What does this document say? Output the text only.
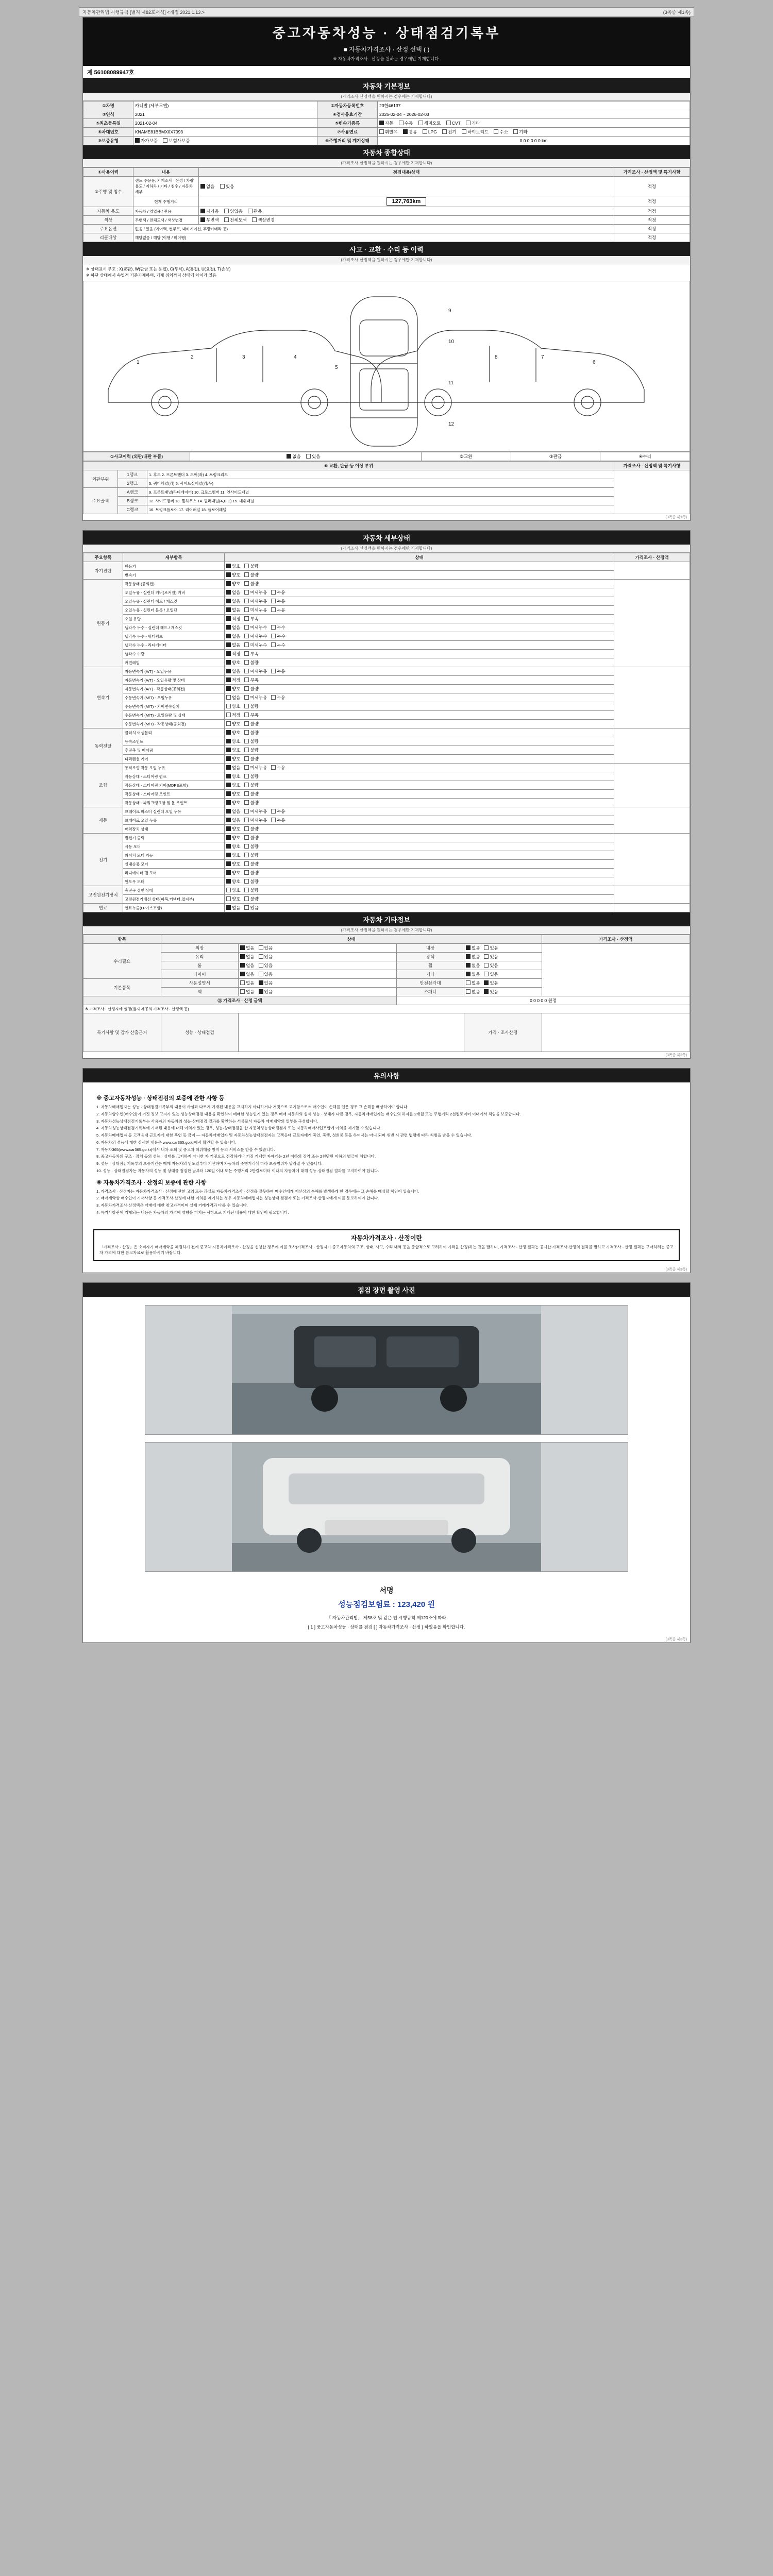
자동차관리법 시행규칙 [별지 제82호서식] <개정 2021.1.13.>	(3쪽중 제1쪽)
중고자동차성능 · 상태점검기록부
■ 자동차가격조사 · 산정 선택 ( )
※ 자동차가격조사 · 산정을 원하는 경우에만 기재합니다.
제 56108089947호
자동차 기본정보
(가격조사·산정액을 원하시는 경우에는 기재합니다)
①차명	카니발 (세부모델)	②자동차등록번호	23한46137
③연식	2021	④검사유효기간	2025-02-04 ~ 2026-02-03
⑤최초등록일	2021-02-04	⑤변속기종류	자동 수동 세미오토 CVT 기타
⑥차대번호	KNAME81BBMX0X7093	⑦사용연료	휘발유 경유 LPG 전기 하이브리드 수소 기타
⑨보증유형	자가보증 보험사보증	⑩주행거리 및 계기상태	0 0 0 0 0 0 km
자동차 종합상태
(가격조사·산정액을 원하시는 경우에만 기재합니다)
①사용이력	내용	점검내용/상태	가격조사 · 산정액 및 특기사항
②주행 및 침수	렌트·주유용, 기계조사 · 산정 / 차량용도 / 지하차 / 기타 / 침수 / 자동차 세부	없음 있음	적정
	현재 주행거리	127,763km	적정
자동차 용도	자동차 / 영업용 / 관용	자가용 영업용 관용	적정
색상	무변색 / 전체도색 / 색상변경	무변색 전체도색 색상변경	적정
주요옵션	없음 / 있음 (에어백, 썬루프, 내비게이션, 후방카메라 등)		적정
리콜대상	해당없음 / 해당 (이행 / 미이행)		적정
사고 · 교환 · 수리 등 이력
(가격조사·산정액을 원하시는 경우에만 기재합니다)
※ 상태표시 부호 : X(교환), W(판금 또는 용접), C(부식), A(흠집), U(요철), T(손상)
※ 하단 상태에서 속별적 기준기재하며, 기재 위치까지 상태에 차이가 있음
1
2	3	4
5
9
10
11
12
6
7
8
①사고이력 (외판/내판 부품)	없음	있음	②교환	③판금	④수리
⑤ 교환, 판금 등 이상 부위			가격조사 · 산정액 및 특기사항
외판부위	1랭크	1. 후드 2. 프론트팬더 3. 도어(좌) 4. 트렁크리드	
	2랭크	5. 쿼터패널(좌) 6. 사이드실패널(좌/우)	
주요골격	A랭크	9. 프론트패널(라디에이터) 10. 크로스멤버 11. 인사이드패널	
	B랭크	12. 사이드멤버 13. 휠하우스 14. 필러패널(A,B,C) 15. 대쉬패널	
	C랭크	16. 트렁크플로어 17. 리어패널 18. 플로어패널	
(3쪽중 제1쪽)
자동차 세부상태
(가격조사·산정액을 원하시는 경우에만 기재합니다)
주요항목	세부항목	상태	가격조사 · 산정액
자기진단	원동기	양호 불량	
	변속기	양호 불량	
원동기	작동상태 (공회전)	양호 불량	
	오일누유 - 실린더 커버(로커암) 커버	없음 미세누유 누유	
	오일누유 - 실린더 헤드 / 개스킷	없음 미세누유 누유	
	오일누유 - 실린더 블록 / 오일팬	없음 미세누유 누유	
	오일 유량	적정 부족	
	냉각수 누수 - 실린더 헤드 / 개스킷	없음 미세누수 누수	
	냉각수 누수 - 워터펌프	없음 미세누수 누수	
	냉각수 누수 - 라디에이터	없음 미세누수 누수	
	냉각수 수량	적정 부족	
	커먼레일	양호 불량	
변속기	자동변속기 (A/T) - 오일누유	없음 미세누유 누유	
	자동변속기 (A/T) - 오일유량 및 상태	적정 부족	
	자동변속기 (A/T) - 작동상태(공회전)	양호 불량	
	수동변속기 (M/T) - 오일누유	없음 미세누유 누유	
	수동변속기 (M/T) - 기어변속장치	양호 불량	
	수동변속기 (M/T) - 오일유량 및 상태	적정 부족	
	수동변속기 (M/T) - 작동상태(공회전)	양호 불량	
동력전달	클러치 어셈블리	양호 불량	
	등속조인트	양호 불량	
	추진축 및 베어링	양호 불량	
	디퍼렌셜 기어	양호 불량	
조향	동력조향 작동 오일 누유	없음 미세누유 누유	
	작동상태 - 스티어링 펌프	양호 불량	
	작동상태 - 스티어링 기어(MDPS포함)	양호 불량	
	작동상태 - 스티어링 조인트	양호 불량	
	작동상태 - 파워크랭크암 및 볼 조인트	양호 불량	
제동	브레이크 마스터 실린더 오일 누유	없음 미세누유 누유	
	브레이크 오일 누유	없음 미세누유 누유	
	배력장치 상태	양호 불량	
전기	발전기 출력	양호 불량	
	시동 모터	양호 불량	
	와이퍼 모터 기능	양호 불량	
	실내송풍 모터	양호 불량	
	라디에이터 팬 모터	양호 불량	
	윈도우 모터	양호 불량	
고전원전기장치	충전구 절연 상태	양호 불량	
	고전원전기배선 상태(피복,커넥터,접지부)	양호 불량	
연료	연료누출(LP가스포함)	없음 있음	
자동차 기타정보
(가격조사·산정액을 원하시는 경우에만 기재합니다)
항목	상태				가격조사 · 산정액
수리필요	외장	없음 있음	내장	없음 있음	
	유리	없음 있음	광택	없음 있음	
	룸	없음 있음	휠	없음 있음	
	타이어	없음 있음	기타	없음 있음	
기본품목	사용설명서	없음 있음	안전삼각대	없음 있음	
	잭	없음 있음	스패너	없음 있음	
⑬ 가격조사 · 산정 금액			0 0 0 0 0 원정		
※ 가격조사 · 산정자에 설명(별지 제공의 가격조사 · 산정액 등)					
특기사항 및 감가 산출근거	성능 · 상태점검			가격 · 조사산정	
(3쪽중 제2쪽)
유의사항
※ 중고자동차성능 · 상태점검의 보증에 관한 사항 등

1. 자동차매매업자는 성능 · 상태점검기록부의 내용이 사실과 다르게 기재된 내용을 교지하지 아니하거나 거짓으로 교지함으로써 매수인이 손해를 입은 경우 그 손해를 배상하여야 합니다.

2. 자동차양수인(매수인)이 거짓 정보 고지가 있는 성능상태점검 내용을 확인하여 매매한 성능인기 있는 경우 매매 자동차의 실제 성능 · 상태가 다른 경우, 자동차매매업자는 매수인의 하자를 2개월 또는 주행거리 2천킬로미터 이내에서 책임을 보증합니다.

3. 자동차성능상태점검기록부는 사용자의 자동차의 성능·상태점검 결과를 확인하는 서류로서 자동차 매매계약의 일부를 구성합니다.

4. 자동차성능상태점검기록부에 기재된 내용에 대해 이의가 있는 경우, 성능·상태점검을 한 자동차성능상태점검자 또는 자동차매매사업조합에 이의를 제기할 수 있습니다.

5. 자동차매매업자 등 고객응대 근로자에 대한 폭언 등 금지 — 자동차매매업자 및 자동차성능상태점검자는 고객응대 근로자에게 폭언, 폭행, 성희롱 등을 하여서는 아니 되며 위반 시 관련 법령에 따라 처벌을 받을 수 있습니다.

6. 자동차의 성능에 대한 상세한 내용은 www.car365.go.kr에서 확인할 수 있습니다.

7. 자동차365(www.car365.go.kr)에서 내차 조회 및 중고차 허위매물 방지 등의 서비스를 받을 수 있습니다.

8. 중고자동차의 구조 · 장치 등의 성능 · 상태를 고지하지 아니한 자 거짓으로 점검하거나 거짓 기재한 자에게는 2년 이하의 징역 또는 2천만원 이하의 벌금에 처합니다.

9. 성능 · 상태점검기록부의 보증기간은 매매 자동차의 인도일부터 기산하며 자동차의 주행거리에 따라 보증범위가 달라질 수 있습니다.

10. 성능 · 상태점검자는 자동차의 성능 및 상태를 점검한 날부터 120일 이내 또는 주행거리 2만킬로미터 이내의 자동차에 대해 성능·상태점검 결과를 고지하여야 합니다.

※ 자동차가격조사 · 산정의 보증에 관한 사항

1. 가격조사 · 산정자는 자동차가격조사 · 산정에 관한 고의 또는 과실로 자동차가격조사 · 산정을 잘못하여 매수인에게 재산상의 손해를 발생하게 한 경우에는 그 손해를 배상할 책임이 있습니다.

2. 매매계약상 매수인이 기재사항 등 가격조사·산정에 대한 이의를 제기하는 경우 자동차매매업자는 성능상태 점검자 또는 가격조사·산정자에게 이를 통보하여야 합니다.

3. 자동차가격조사·산정액은 매매에 대한 참고가격이며 실제 거래가격과 다를 수 있습니다.

4. 특기사항란에 기재되는 내용은 자동차의 가격에 영향을 미치는 사항으로 기재된 내용에 대한 확인이 필요합니다.

자동차가격조사 · 산정이란

「가격조사 · 산정」은 소비자가 매매계약을 체결하기 전에 중고차 자동차가격조사 · 산정을 신청한 경우에 이를 조사(가격조사 · 산정자가 중고자동차의 구조, 상태, 사고, 수리 내역 등을 종합적으로 고려하여 가격을 산정)하는 것을 말하며, 가격조사 · 산정 결과는 공시한 가격조사·산정의 결과를 말하고 가격조사 · 산정 결과는 구매하려는 중고차 가격에 대한 참고자료로 활용하시기 바랍니다.

(3쪽중 제3쪽)
점검 장면 촬영 사진
서명
성능점검보험료 : 123,420 원
「 자동차관리법」 제58조 및 같은 법 시행규칙 제120조에 따라
[ 1 ] 중고자동차성능 · 상태를 점검 [ ] 자동차가격조사 · 산정 } 하였음을 확인합니다.
(3쪽중 제3쪽)
